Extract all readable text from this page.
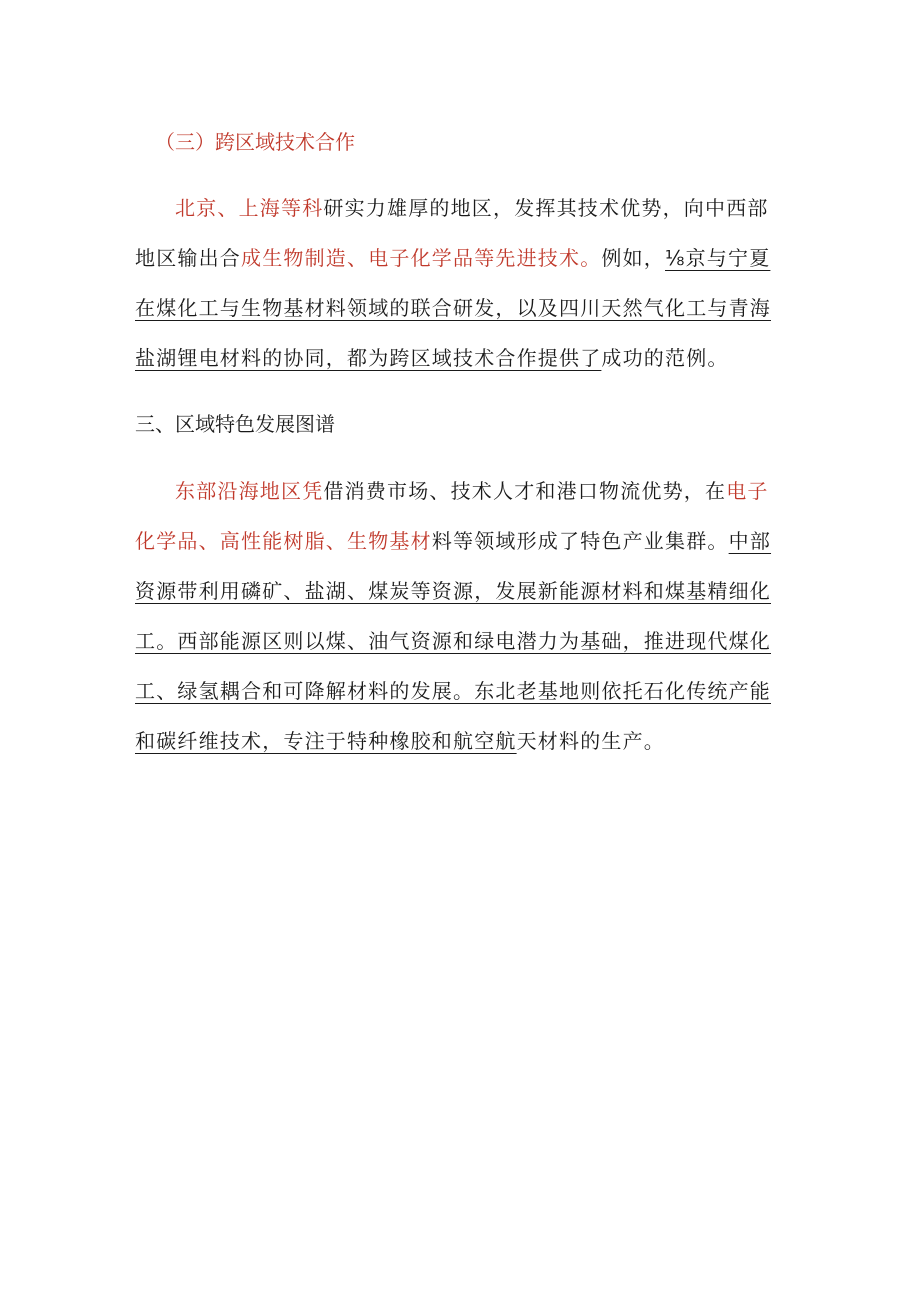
（三）跨区域技术合作
北京、上海等科研实力雄厚的地区，发挥其技术优势，向中西部
地区输出合成生物制造、电子化学品等先进技术。例如，⅛京与宁夏
在煤化工与生物基材料领域的联合研发，以及四川天然气化工与青海
盐湖锂电材料的协同，都为跨区域技术合作提供了成功的范例。
三、区域特色发展图谱
东部沿海地区凭借消费市场、技术人才和港口物流优势，在电子
化学品、高性能树脂、生物基材料等领域形成了特色产业集群。中部
资源带利用磷矿、盐湖、煤炭等资源，发展新能源材料和煤基精细化
工。西部能源区则以煤、油气资源和绿电潜力为基础，推进现代煤化
工、绿氢耦合和可降解材料的发展。东北老基地则依托石化传统产能
和碳纤维技术，专注于特种橡胶和航空航天材料的生产。
